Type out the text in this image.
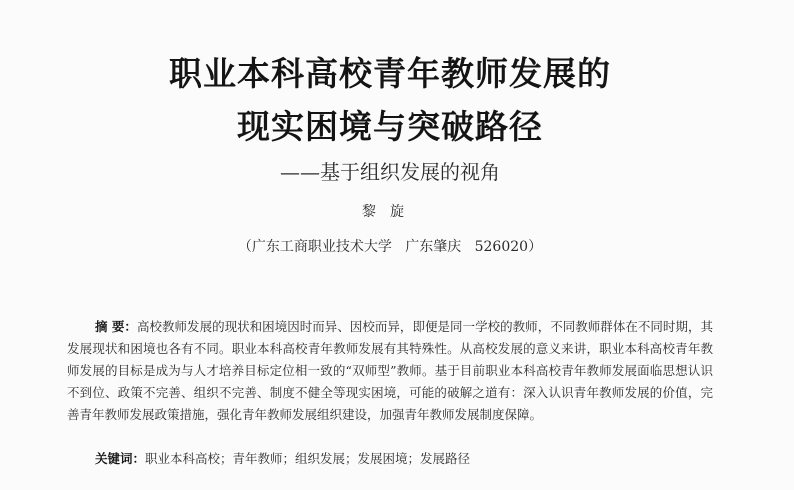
职业本科高校青年教师发展的
现实困境与突破路径
——基于组织发展的视角
黎旋
（广东工商职业技术大学   广东肇庆   526020）
摘 要：高校教师发展的现状和困境因时而异、因校而异，即便是同一学校的教师，不同教师群体在不同时期，其发展现状和困境也各有不同。职业本科高校青年教师发展有其特殊性。从高校发展的意义来讲，职业本科高校青年教师发展的目标是成为与人才培养目标定位相一致的“双师型”教师。基于目前职业本科高校青年教师发展面临思想认识不到位、政策不完善、组织不完善、制度不健全等现实困境，可能的破解之道有：深入认识青年教师发展的价值，完善青年教师发展政策措施，强化青年教师发展组织建设，加强青年教师发展制度保障。
关键词：职业本科高校；青年教师；组织发展；发展困境；发展路径
